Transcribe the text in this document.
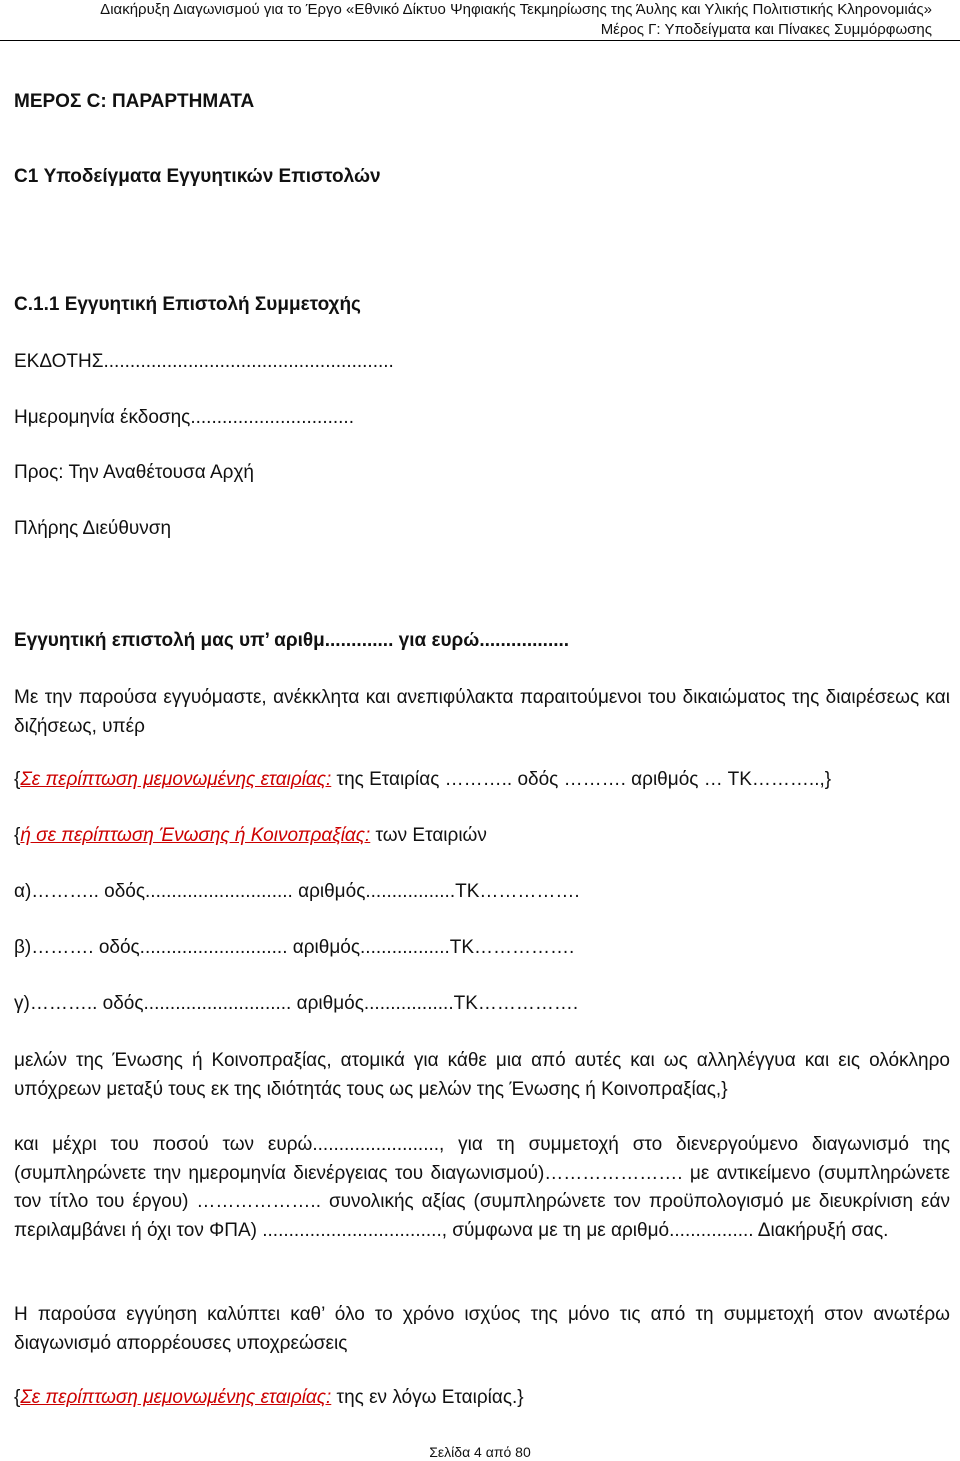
Διακήρυξη Διαγωνισμού για το Έργο «Εθνικό Δίκτυο Ψηφιακής Τεκμηρίωσης της Άυλης και Υλικής Πολιτιστικής Κληρονομιάς»
Μέρος Γ: Υποδείγματα και Πίνακες Συμμόρφωσης
ΜΕΡΟΣ C: ΠΑΡΑΡΤΗΜΑΤΑ
C1 Υποδείγματα Εγγυητικών Επιστολών
C.1.1 Εγγυητική Επιστολή Συμμετοχής
ΕΚΔΟΤΗΣ.......................................................
Ημερομηνία έκδοσης...............................
Προς: Την Αναθέτουσα Αρχή
Πλήρης Διεύθυνση
Εγγυητική επιστολή μας υπ’ αριθμ............. για ευρώ.................
Με την παρούσα εγγυόμαστε, ανέκκλητα και ανεπιφύλακτα παραιτούμενοι του δικαιώματος της διαιρέσεως και διζήσεως, υπέρ
{Σε περίπτωση μεμονωμένης εταιρίας: της Εταιρίας ……….. οδός ………. αριθμός … ΤΚ………..,}
{ή σε περίπτωση Ένωσης ή Κοινοπραξίας: των Εταιριών
α)……….. οδός............................ αριθμός.................ΤΚ…………….
β)………. οδός............................ αριθμός.................ΤΚ…………….
γ)……….. οδός............................ αριθμός.................ΤΚ…………….
μελών της Ένωσης ή Κοινοπραξίας, ατομικά για κάθε μια από αυτές και ως αλληλέγγυα και εις ολόκληρο υπόχρεων μεταξύ τους εκ της ιδιότητάς τους ως μελών της Ένωσης ή Κοινοπραξίας,}
και μέχρι του ποσού των ευρώ........................, για τη συμμετοχή στο διενεργούμενο διαγωνισμό της (συμπληρώνετε την ημερομηνία διενέργειας του διαγωνισμού)…………………. με αντικείμενο (συμπληρώνετε τον τίτλο του έργου) ……………….. συνολικής αξίας (συμπληρώνετε τον προϋπολογισμό με διευκρίνιση εάν περιλαμβάνει ή όχι τον ΦΠΑ) .................................., σύμφωνα με τη με αριθμό................ Διακήρυξή σας.
Η παρούσα εγγύηση καλύπτει καθ’ όλο το χρόνο ισχύος της μόνο τις από τη συμμετοχή στον ανωτέρω διαγωνισμό απορρέουσες υποχρεώσεις
{Σε περίπτωση μεμονωμένης εταιρίας: της εν λόγω Εταιρίας.}
Σελίδα 4 από 80
